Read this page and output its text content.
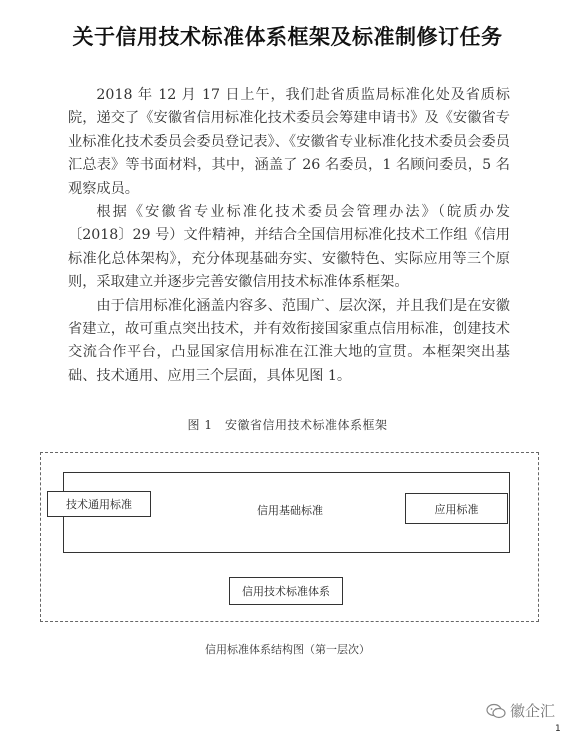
关于信用技术标准体系框架及标准制修订任务

2018 年 12 月 17 日上午，我们赴省质监局标准化处及省质标院，递交了《安徽省信用标准化技术委员会筹建申请书》及《安徽省专业标准化技术委员会委员登记表》、《安徽省专业标准化技术委员会委员汇总表》等书面材料，其中，涵盖了 26 名委员，1 名顾问委员，5 名观察成员。

根据《安徽省专业标准化技术委员会管理办法》（皖质办发〔2018〕29 号）文件精神，并结合全国信用标准化技术工作组《信用标准化总体架构》，充分体现基础夯实、安徽特色、实际应用等三个原则，采取建立并逐步完善安徽信用技术标准体系框架。

由于信用标准化涵盖内容多、范围广、层次深，并且我们是在安徽省建立，故可重点突出技术，并有效衔接国家重点信用标准，创建技术交流合作平台，凸显国家信用标准在江淮大地的宣贯。本框架突出基础、技术通用、应用三个层面，具体见图 1。

图 1　安徽省信用技术标准体系框架
信用基础标准
技术通用标准	应用标准
信用技术标准体系
信用标准体系结构图（第一层次）
徽企汇
1
